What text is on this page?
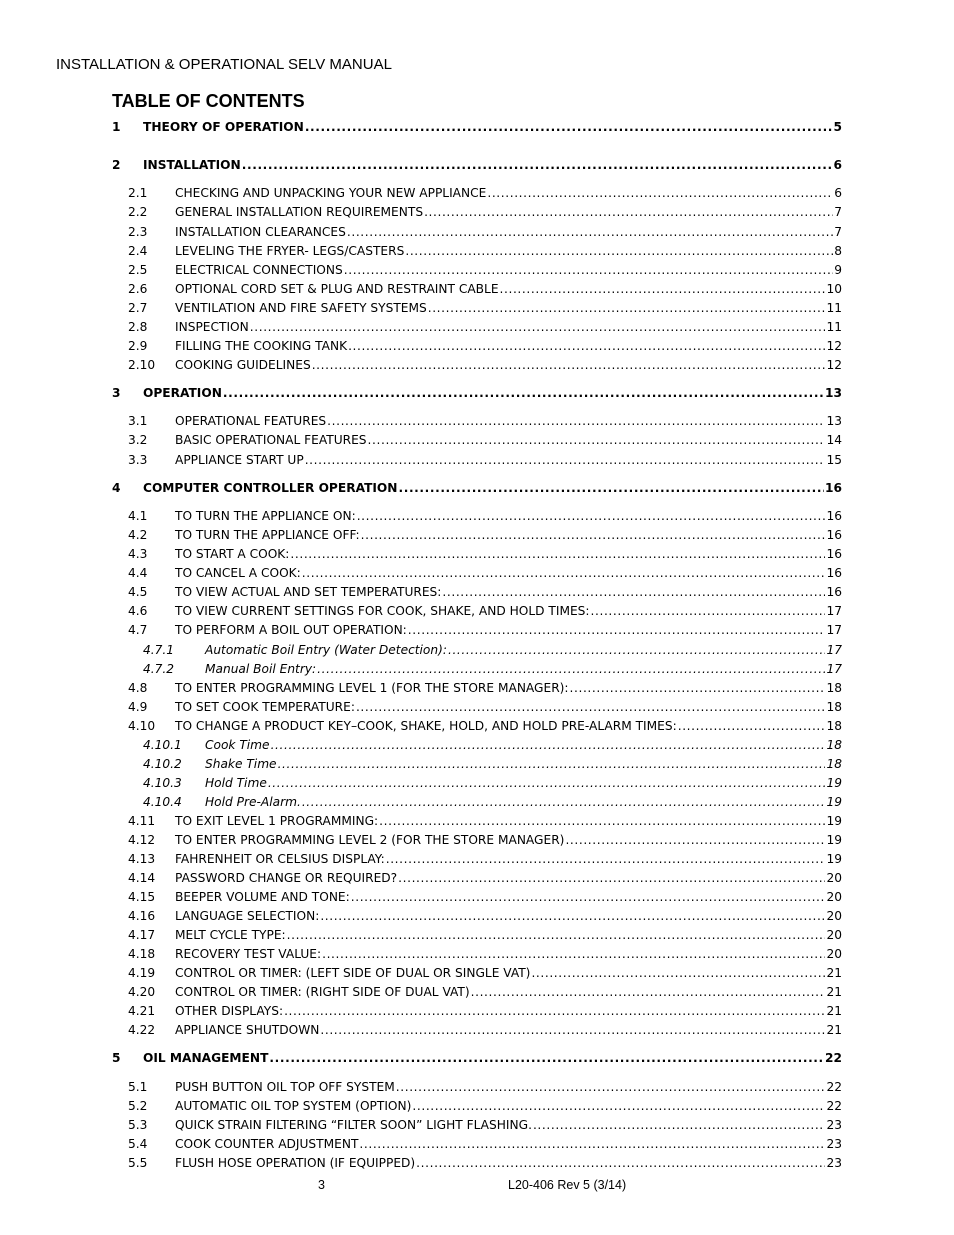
INSTALLATION & OPERATIONAL SELV MANUAL
TABLE OF CONTENTS
1	THEORY OF OPERATION .....	5
2	INSTALLATION .....	6
2.1	CHECKING AND UNPACKING YOUR NEW APPLIANCE .....	6
2.2	GENERAL INSTALLATION REQUIREMENTS .....	7
2.3	INSTALLATION CLEARANCES .....	7
2.4	LEVELING THE FRYER- LEGS/CASTERS .....	8
2.5	ELECTRICAL CONNECTIONS .....	9
2.6	OPTIONAL CORD SET & PLUG AND RESTRAINT CABLE .....	10
2.7	VENTILATION AND FIRE SAFETY SYSTEMS .....	11
2.8	INSPECTION .....	11
2.9	FILLING THE COOKING TANK .....	12
2.10	COOKING GUIDELINES .....	12
3	OPERATION .....	13
3.1	OPERATIONAL FEATURES .....	13
3.2	BASIC OPERATIONAL FEATURES .....	14
3.3	APPLIANCE START UP .....	15
4	COMPUTER CONTROLLER OPERATION .....	16
4.1	TO TURN THE APPLIANCE ON: .....	16
4.2	TO TURN THE APPLIANCE OFF: .....	16
4.3	TO START A COOK: .....	16
4.4	TO CANCEL A COOK: .....	16
4.5	TO VIEW ACTUAL AND SET TEMPERATURES: .....	16
4.6	TO VIEW CURRENT SETTINGS FOR COOK, SHAKE, AND HOLD TIMES: .....	17
4.7	TO PERFORM A BOIL OUT OPERATION: .....	17
4.7.1	Automatic Boil Entry (Water Detection): .....	17
4.7.2	Manual Boil Entry: .....	17
4.8	TO ENTER PROGRAMMING LEVEL 1 (FOR THE STORE MANAGER): .....	18
4.9	TO SET COOK TEMPERATURE: .....	18
4.10	TO CHANGE A PRODUCT KEY–COOK, SHAKE, HOLD, AND HOLD PRE-ALARM TIMES: .....	18
4.10.1	Cook Time .....	18
4.10.2	Shake Time .....	18
4.10.3	Hold Time .....	19
4.10.4	Hold Pre-Alarm. .....	19
4.11	TO EXIT LEVEL 1 PROGRAMMING: .....	19
4.12	TO ENTER PROGRAMMING LEVEL 2 (FOR THE STORE MANAGER) .....	19
4.13	FAHRENHEIT OR CELSIUS DISPLAY: .....	19
4.14	PASSWORD CHANGE OR REQUIRED? .....	20
4.15	BEEPER VOLUME AND TONE: .....	20
4.16	LANGUAGE SELECTION: .....	20
4.17	MELT CYCLE TYPE: .....	20
4.18	RECOVERY TEST VALUE: .....	20
4.19	CONTROL OR TIMER: (LEFT SIDE OF DUAL OR SINGLE VAT) .....	21
4.20	CONTROL OR TIMER: (RIGHT SIDE OF DUAL VAT) .....	21
4.21	OTHER DISPLAYS: .....	21
4.22	APPLIANCE SHUTDOWN .....	21
5	OIL MANAGEMENT .....	22
5.1	PUSH BUTTON OIL TOP OFF SYSTEM .....	22
5.2	AUTOMATIC OIL TOP SYSTEM (OPTION) .....	22
5.3	QUICK STRAIN FILTERING “FILTER SOON” LIGHT FLASHING. .....	23
5.4	COOK COUNTER ADJUSTMENT .....	23
5.5	FLUSH HOSE OPERATION (IF EQUIPPED) .....	23
3	L20-406 Rev 5 (3/14)
